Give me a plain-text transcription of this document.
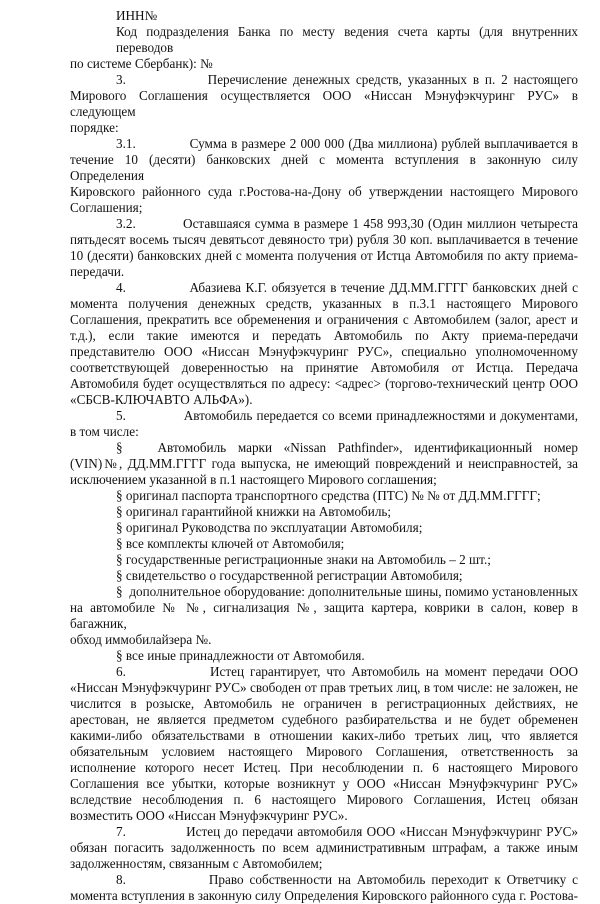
ИНН№
Код подразделения Банка по месту ведения счета карты (для внутренних переводов
по системе Сбербанк): №
3.              Перечисление денежных средств, указанных в п. 2 настоящего
Мирового Соглашения осуществляется ООО «Ниссан Мэнуфэкчуринг РУС» в следующем
порядке:
3.1.             Сумма в размере 2 000 000 (Два миллиона) рублей выплачивается в
течение 10 (десяти) банковских дней с момента вступления в законную силу Определения
Кировского районного суда г.Ростова-на-Дону об утверждении настоящего Мирового
Соглашения;
3.2.           Оставшаяся сумма в размере 1 458 993,30 (Один миллион четыреста
пятьдесят восемь тысяч девятьсот девяносто три) рубля 30 коп. выплачивается в течение
10 (десяти) банковских дней с момента получения от Истца Автомобиля по акту приема-
передачи.
4.              Абазиева К.Г. обязуется в течение ДД.ММ.ГГГГ банковских дней с
момента получения денежных средств, указанных в п.3.1 настоящего Мирового
Соглашения, прекратить все обременения и ограничения с Автомобилем (залог, арест и
т.д.), если такие имеются и передать Автомобиль по Акту приема-передачи
представителю ООО «Ниссан Мэнуфэкчуринг РУС», специально уполномоченному
соответствующей доверенностью на принятие Автомобиля от Истца. Передача
Автомобиля будет осуществляться по адресу: <адрес> (торгово-технический центр ООО
«СБСВ-КЛЮЧАВТО АЛЬФА»).
5.              Автомобиль передается со всеми принадлежностями и документами,
в том числе:
§   Автомобиль марки «Nissan Pathfinder», идентификационный номер
(VIN)№, ДД.ММ.ГГГГ года выпуска, не имеющий повреждений и неисправностей, за
исключением указанной в п.1 настоящего Мирового соглашения;
§ оригинал паспорта транспортного средства (ПТС) № № от ДД.ММ.ГГГГ;
§ оригинал гарантийной книжки на Автомобиль;
§ оригинал Руководства по эксплуатации Автомобиля;
§ все комплекты ключей от Автомобиля;
§ государственные регистрационные знаки на Автомобиль – 2 шт.;
§ свидетельство о государственной регистрации Автомобиля;
§  дополнительное оборудование: дополнительные шины, помимо установленных
на автомобиле № №, сигнализация №, защита картера, коврики в салон, ковер в багажник,
обход иммобилайзера №.
§ все иные принадлежности от Автомобиля.
6.              Истец гарантирует, что Автомобиль на момент передачи ООО
«Ниссан Мэнуфэкчуринг РУС» свободен от прав третьих лиц, в том числе: не заложен, не
числится в розыске, Автомобиль не ограничен в регистрационных действиях, не
арестован, не является предметом судебного разбирательства и не будет обременен
какими-либо обязательствами в отношении каких-либо третьих лиц, что является
обязательным условием настоящего Мирового Соглашения, ответственность за
исполнение которого несет Истец. При несоблюдении п. 6 настоящего Мирового
Соглашения все убытки, которые возникнут у ООО «Ниссан Мэнуфэкчуринг РУС»
вследствие несоблюдения п. 6 настоящего Мирового Соглашения, Истец обязан
возместить ООО «Ниссан Мэнуфэкчуринг РУС».
7.              Истец до передачи автомобиля ООО «Ниссан Мэнуфэкчуринг РУС»
обязан погасить задолженность по всем административным штрафам, а также иным
задолженностям, связанным с Автомобилем;
8.              Право собственности на Автомобиль переходит к Ответчику с
момента вступления в законную силу Определения Кировского районного суда г. Ростова-
